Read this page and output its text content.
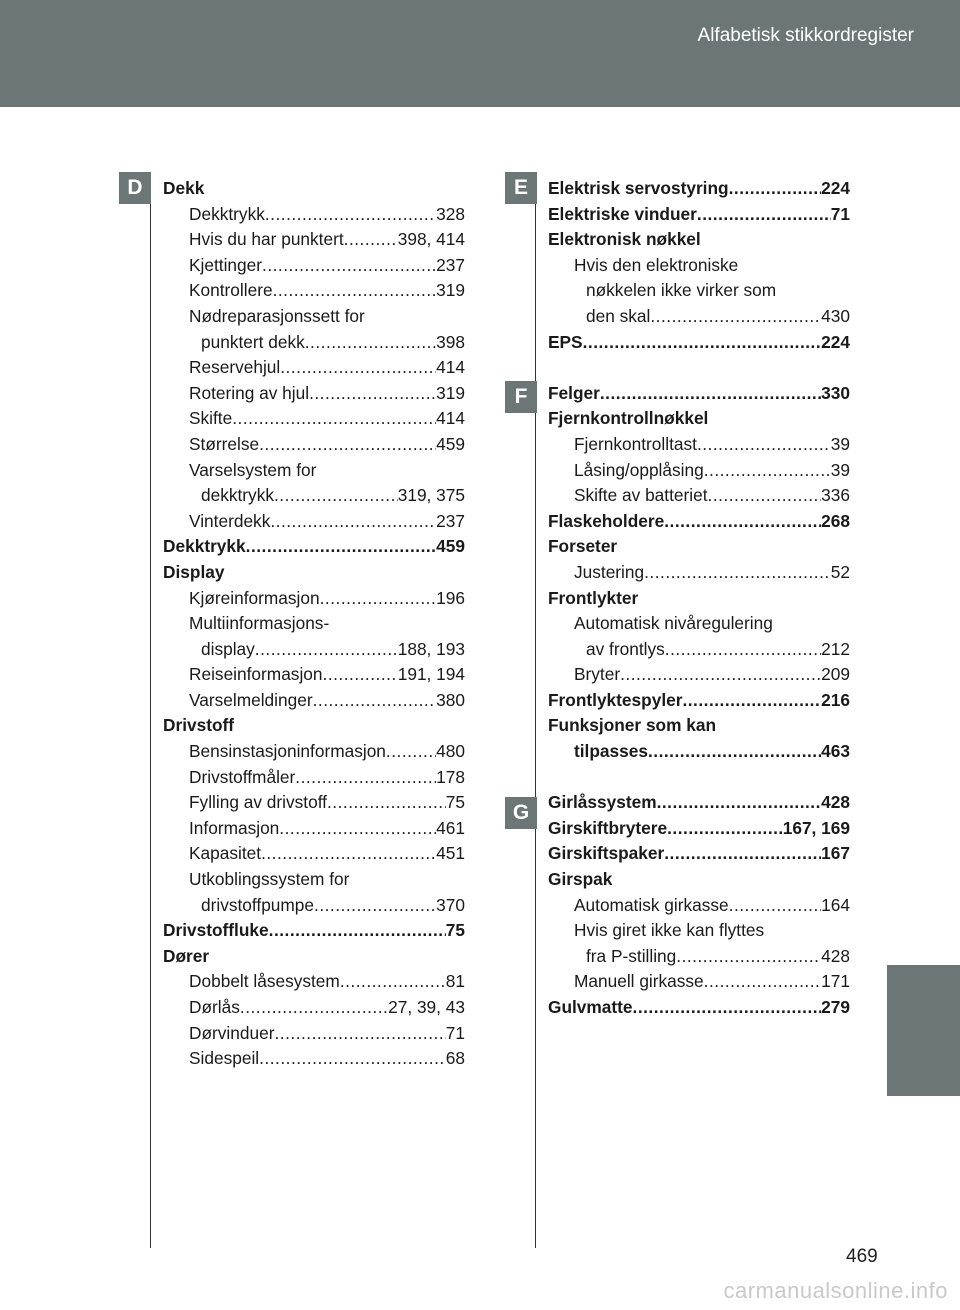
Alfabetisk stikkordregister
D	E
F
G
Dekk
Dekktrykk .....	328
Hvis du har punktert .....	398, 414
Kjettinger .....	237
Kontrollere .....	319
Nødreparasjonssett for
punktert dekk .....	398
Reservehjul .....	414
Rotering av hjul .....	319
Skifte .....	414
Størrelse .....	459
Varselsystem for
dekktrykk .....	319, 375
Vinterdekk .....	237
Dekktrykk .....	459
Display
Kjøreinformasjon .....	196
Multiinformasjons-
display .....	188, 193
Reiseinformasjon .....	191, 194
Varselmeldinger .....	380
Drivstoff
Bensinstasjoninformasjon .....	480
Drivstoffmåler .....	178
Fylling av drivstoff .....	75
Informasjon .....	461
Kapasitet .....	451
Utkoblingssystem for
drivstoffpumpe .....	370
Drivstoffluke .....	75
Dører
Dobbelt låsesystem .....	81
Dørlås .....	27, 39, 43
Dørvinduer .....	71
Sidespeil .....	68
Elektrisk servostyring .....	224
Elektriske vinduer .....	71
Elektronisk nøkkel
Hvis den elektroniske
nøkkelen ikke virker som
den skal .....	430
EPS .....	224
Felger .....	330
Fjernkontrollnøkkel
Fjernkontrolltast .....	39
Låsing/opplåsing .....	39
Skifte av batteriet .....	336
Flaskeholdere .....	268
Forseter
Justering .....	52
Frontlykter
Automatisk nivåregulering
av frontlys .....	212
Bryter .....	209
Frontlyktespyler .....	216
Funksjoner som kan
tilpasses .....	463
Girlåssystem .....	428
Girskiftbrytere .....	167, 169
Girskiftspaker .....	167
Girspak
Automatisk girkasse .....	164
Hvis giret ikke kan flyttes
fra P-stilling .....	428
Manuell girkasse .....	171
Gulvmatte .....	279
469
carmanualsonline.info
